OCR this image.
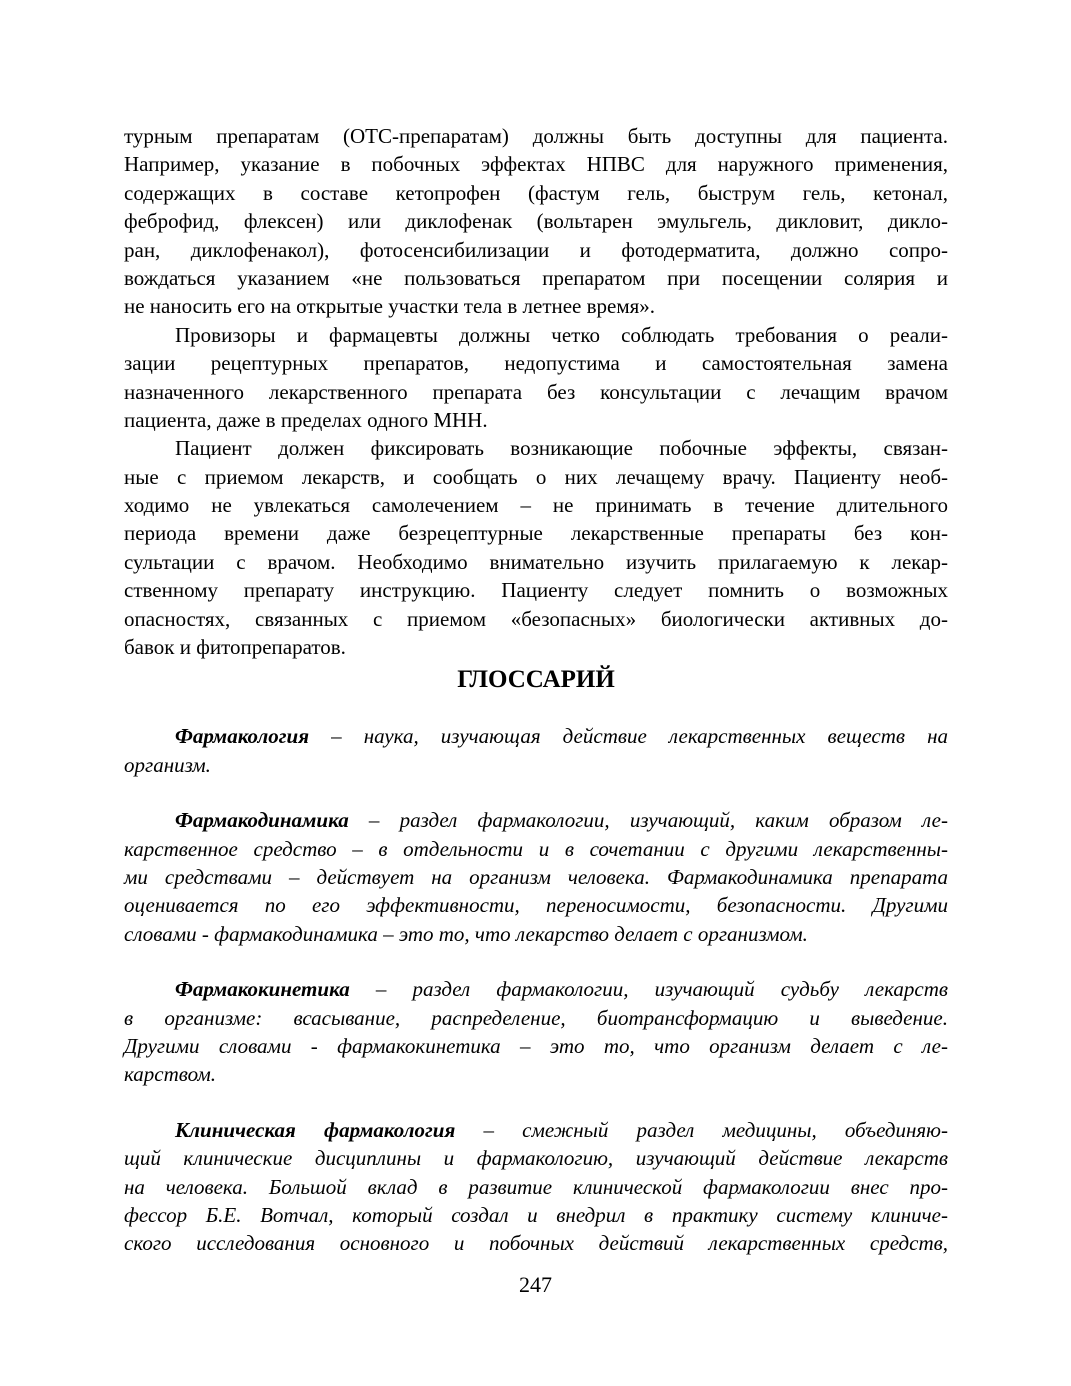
турным препаратам (ОТС-препаратам) должны быть доступны для пациента.
Например, указание в побочных эффектах НПВС для наружного применения,
содержащих в составе кетопрофен (фастум гель, быструм гель, кетонал,
феброфид, флексен) или диклофенак (вольтарен эмульгель, дикловит, дикло-
ран, диклофенакол), фотосенсибилизации и фотодерматита, должно сопро-
вождаться указанием «не пользоваться препаратом при посещении солярия и
не наносить его на открытые участки тела в летнее время».
Провизоры и фармацевты должны четко соблюдать требования о реали-
зации рецептурных препаратов, недопустима и самостоятельная замена
назначенного лекарственного препарата без консультации с лечащим врачом
пациента, даже в пределах одного МНН.
Пациент должен фиксировать возникающие побочные эффекты, связан-
ные с приемом лекарств, и сообщать о них лечащему врачу. Пациенту необ-
ходимо не увлекаться самолечением – не принимать в течение длительного
периода времени даже безрецептурные лекарственные препараты без кон-
сультации с врачом. Необходимо внимательно изучить прилагаемую к лекар-
ственному препарату инструкцию. Пациенту следует помнить о возможных
опасностях, связанных с приемом «безопасных» биологически активных до-
бавок и фитопрепаратов.
ГЛОССАРИЙ
Фармакология – наука, изучающая действие лекарственных веществ на
организм.
Фармакодинамика – раздел фармакологии, изучающий, каким образом ле-
карственное средство – в отдельности и в сочетании с другими лекарственны-
ми средствами – действует на организм человека. Фармакодинамика препарата
оценивается по его эффективности, переносимости, безопасности. Другими
словами - фармакодинамика – это то, что лекарство делает с организмом.
Фармакокинетика – раздел фармакологии, изучающий судьбу лекарств
в организме: всасывание, распределение, биотрансформацию и выведение.
Другими словами - фармакокинетика – это то, что организм делает с ле-
карством.
Клиническая фармакология – смежный раздел медицины, объединяю-
щий клинические дисциплины и фармакологию, изучающий действие лекарств
на человека. Большой вклад в развитие клинической фармакологии внес про-
фессор Б.Е. Вотчал, который создал и внедрил в практику систему клиниче-
ского исследования основного и побочных действий лекарственных средств,
247
